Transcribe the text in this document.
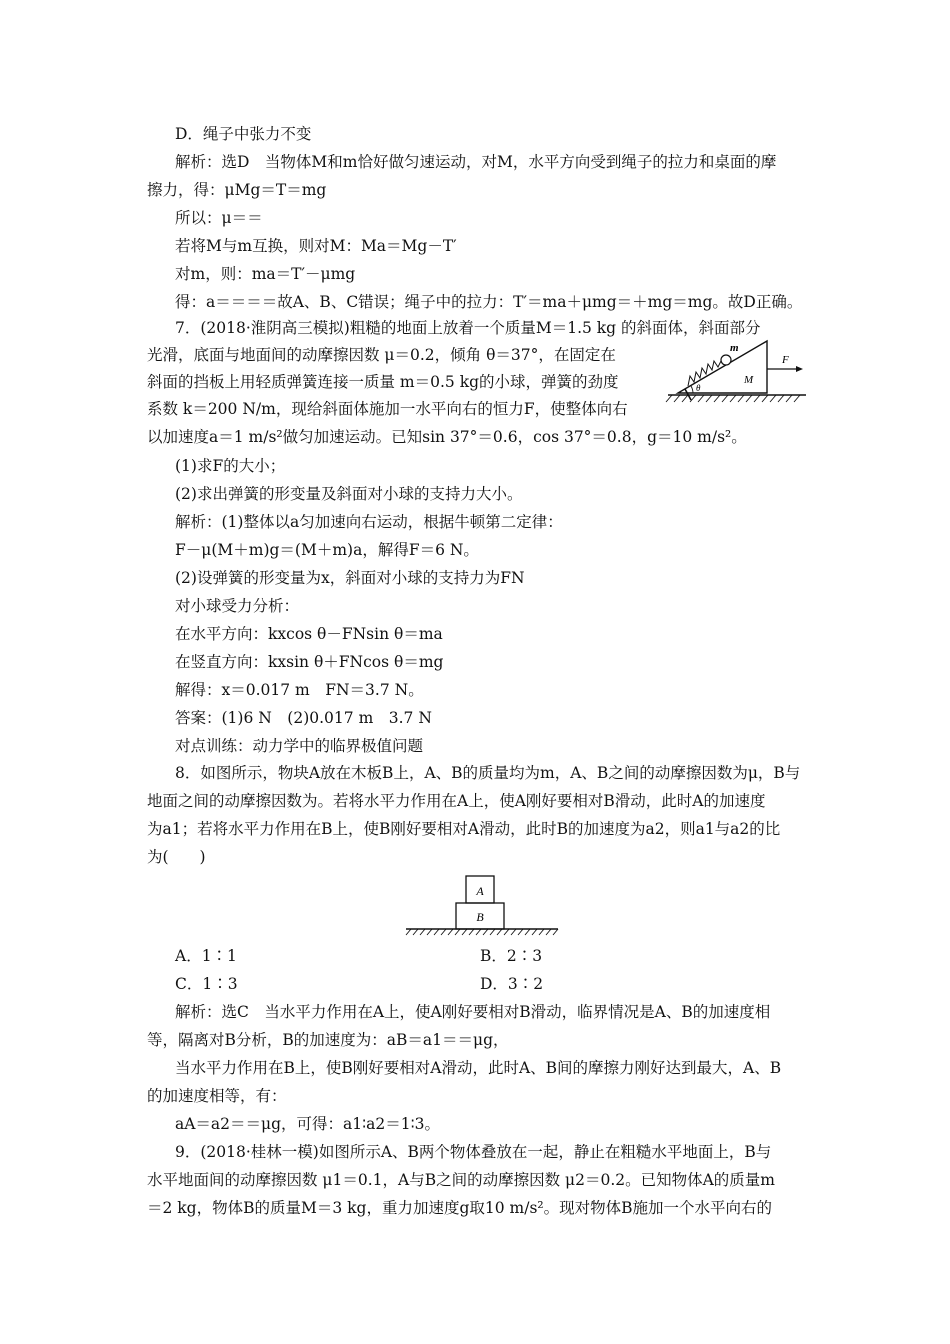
D．绳子中张力不变
解析：选D　当物体M和m恰好做匀速运动，对M，水平方向受到绳子的拉力和桌面的摩
擦力，得：μMg＝T＝mg
所以：μ＝＝
若将M与m互换，则对M：Ma＝Mg－T′
对m，则：ma＝T′－μmg
得：a＝＝＝＝故A、B、C错误；绳子中的拉力：T′＝ma＋μmg＝＋mg＝mg。故D正确。
7．(2018·淮阴高三模拟)粗糙的地面上放着一个质量M＝1.5 kg 的斜面体，斜面部分
光滑，底面与地面间的动摩擦因数 μ＝0.2，倾角 θ＝37°，在固定在
斜面的挡板上用轻质弹簧连接一质量 m＝0.5 kg的小球，弹簧的劲度
系数 k＝200 N/m，现给斜面体施加一水平向右的恒力F，使整体向右
以加速度a＝1 m/s²做匀加速运动。已知sin 37°＝0.6，cos 37°＝0.8，g＝10 m/s²。
(1)求F的大小；
(2)求出弹簧的形变量及斜面对小球的支持力大小。
解析：(1)整体以a匀加速向右运动，根据牛顿第二定律：
F－μ(M＋m)g＝(M＋m)a，解得F＝6 N。
(2)设弹簧的形变量为x，斜面对小球的支持力为FN
对小球受力分析：
在水平方向：kxcos θ－FNsin θ＝ma
在竖直方向：kxsin θ＋FNcos θ＝mg
解得：x＝0.017 m　FN＝3.7 N。
答案：(1)6 N　(2)0.017 m　3.7 N
对点训练：动力学中的临界极值问题
8．如图所示，物块A放在木板B上，A、B的质量均为m，A、B之间的动摩擦因数为μ，B与
地面之间的动摩擦因数为。若将水平力作用在A上，使A刚好要相对B滑动，此时A的加速度
为a1；若将水平力作用在B上，使B刚好要相对A滑动，此时B的加速度为a2，则a1与a2的比
为(　　)
A．1∶1	B．2∶3
C．1∶3	D．3∶2
解析：选C　当水平力作用在A上，使A刚好要相对B滑动，临界情况是A、B的加速度相
等，隔离对B分析，B的加速度为：aB＝a1＝＝μg，
当水平力作用在B上，使B刚好要相对A滑动，此时A、B间的摩擦力刚好达到最大，A、B
的加速度相等，有：
aA＝a2＝＝μg，可得：a1∶a2＝1∶3。
9．(2018·桂林一模)如图所示A、B两个物体叠放在一起，静止在粗糙水平地面上，B与
水平地面间的动摩擦因数 μ1＝0.1，A与B之间的动摩擦因数 μ2＝0.2。已知物体A的质量m
＝2 kg，物体B的质量M＝3 kg，重力加速度g取10 m/s²。现对物体B施加一个水平向右的
θ
m
M
F
A
B
